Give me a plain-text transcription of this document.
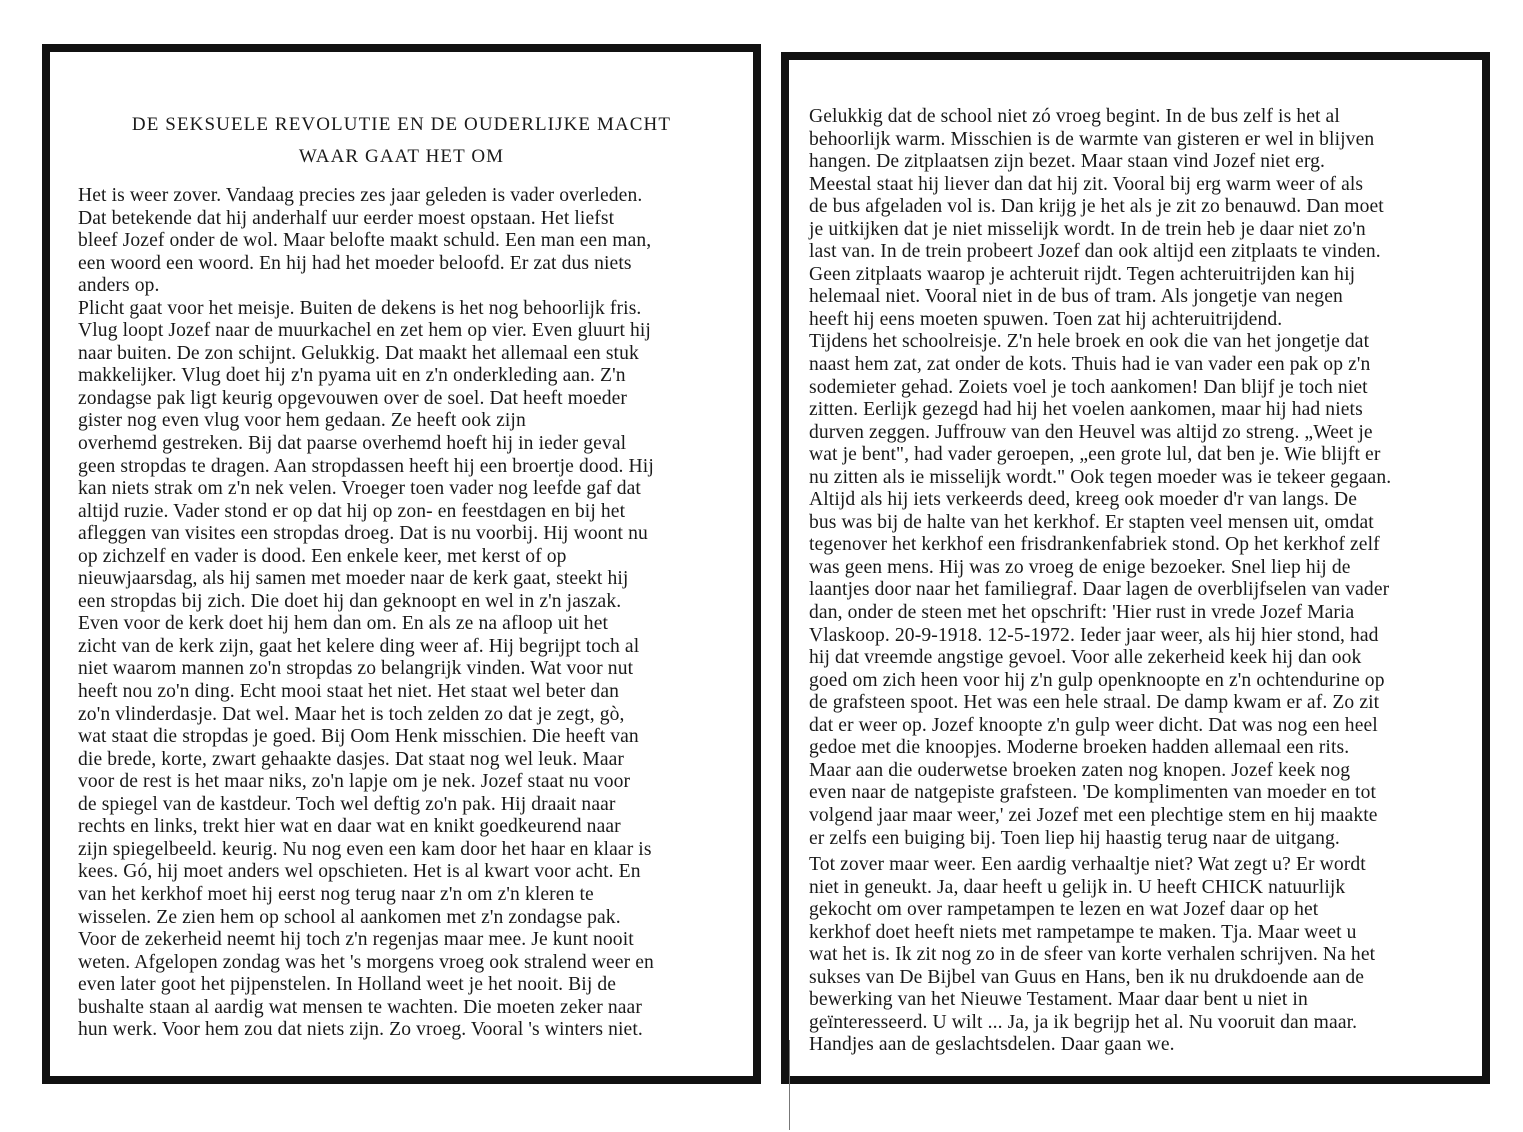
DE SEKSUELE REVOLUTIE EN DE OUDERLIJKE MACHT
WAAR GAAT HET OM
Het is weer zover. Vandaag precies zes jaar geleden is vader overleden.
Dat betekende dat hij anderhalf uur eerder moest opstaan. Het liefst
bleef Jozef onder de wol. Maar belofte maakt schuld. Een man een man,
een woord een woord. En hij had het moeder beloofd. Er zat dus niets
anders op.
Plicht gaat voor het meisje. Buiten de dekens is het nog behoorlijk fris.
Vlug loopt Jozef naar de muurkachel en zet hem op vier. Even gluurt hij
naar buiten. De zon schijnt. Gelukkig. Dat maakt het allemaal een stuk
makkelijker. Vlug doet hij z'n pyama uit en z'n onderkleding aan. Z'n
zondagse pak ligt keurig opgevouwen over de soel. Dat heeft moeder
gister nog even vlug voor hem gedaan. Ze heeft ook zijn
overhemd gestreken. Bij dat paarse overhemd hoeft hij in ieder geval
geen stropdas te dragen. Aan stropdassen heeft hij een broertje dood. Hij
kan niets strak om z'n nek velen. Vroeger toen vader nog leefde gaf dat
altijd ruzie. Vader stond er op dat hij op zon- en feestdagen en bij het
afleggen van visites een stropdas droeg. Dat is nu voorbij. Hij woont nu
op zichzelf en vader is dood. Een enkele keer, met kerst of op
nieuwjaarsdag, als hij samen met moeder naar de kerk gaat, steekt hij
een stropdas bij zich. Die doet hij dan geknoopt en wel in z'n jaszak.
Even voor de kerk doet hij hem dan om. En als ze na afloop uit het
zicht van de kerk zijn, gaat het kelere ding weer af. Hij begrijpt toch al
niet waarom mannen zo'n stropdas zo belangrijk vinden. Wat voor nut
heeft nou zo'n ding. Echt mooi staat het niet. Het staat wel beter dan
zo'n vlinderdasje. Dat wel. Maar het is toch zelden zo dat je zegt, gò,
wat staat die stropdas je goed. Bij Oom Henk misschien. Die heeft van
die brede, korte, zwart gehaakte dasjes. Dat staat nog wel leuk. Maar
voor de rest is het maar niks, zo'n lapje om je nek. Jozef staat nu voor
de spiegel van de kastdeur. Toch wel deftig zo'n pak. Hij draait naar
rechts en links, trekt hier wat en daar wat en knikt goedkeurend naar
zijn spiegelbeeld. keurig. Nu nog even een kam door het haar en klaar is
kees. Gó, hij moet anders wel opschieten. Het is al kwart voor acht. En
van het kerkhof moet hij eerst nog terug naar z'n om z'n kleren te
wisselen. Ze zien hem op school al aankomen met z'n zondagse pak.
Voor de zekerheid neemt hij toch z'n regenjas maar mee. Je kunt nooit
weten. Afgelopen zondag was het 's morgens vroeg ook stralend weer en
even later goot het pijpenstelen. In Holland weet je het nooit. Bij de
bushalte staan al aardig wat mensen te wachten. Die moeten zeker naar
hun werk. Voor hem zou dat niets zijn. Zo vroeg. Vooral 's winters niet.
Gelukkig dat de school niet zó vroeg begint. In de bus zelf is het al
behoorlijk warm. Misschien is de warmte van gisteren er wel in blijven
hangen. De zitplaatsen zijn bezet. Maar staan vind Jozef niet erg.
Meestal staat hij liever dan dat hij zit. Vooral bij erg warm weer of als
de bus afgeladen vol is. Dan krijg je het als je zit zo benauwd. Dan moet
je uitkijken dat je niet misselijk wordt. In de trein heb je daar niet zo'n
last van. In de trein probeert Jozef dan ook altijd een zitplaats te vinden.
Geen zitplaats waarop je achteruit rijdt. Tegen achteruitrijden kan hij
helemaal niet. Vooral niet in de bus of tram. Als jongetje van negen
heeft hij eens moeten spuwen. Toen zat hij achteruitrijdend.
Tijdens het schoolreisje. Z'n hele broek en ook die van het jongetje dat
naast hem zat, zat onder de kots. Thuis had ie van vader een pak op z'n
sodemieter gehad. Zoiets voel je toch aankomen! Dan blijf je toch niet
zitten. Eerlijk gezegd had hij het voelen aankomen, maar hij had niets
durven zeggen. Juffrouw van den Heuvel was altijd zo streng. „Weet je
wat je bent", had vader geroepen, „een grote lul, dat ben je. Wie blijft er
nu zitten als ie misselijk wordt." Ook tegen moeder was ie tekeer gegaan.
Altijd als hij iets verkeerds deed, kreeg ook moeder d'r van langs. De
bus was bij de halte van het kerkhof. Er stapten veel mensen uit, omdat
tegenover het kerkhof een frisdrankenfabriek stond. Op het kerkhof zelf
was geen mens. Hij was zo vroeg de enige bezoeker. Snel liep hij de
laantjes door naar het familiegraf. Daar lagen de overblijfselen van vader
dan, onder de steen met het opschrift: 'Hier rust in vrede Jozef Maria
Vlaskoop. 20-9-1918. 12-5-1972. Ieder jaar weer, als hij hier stond, had
hij dat vreemde angstige gevoel. Voor alle zekerheid keek hij dan ook
goed om zich heen voor hij z'n gulp openknoopte en z'n ochtendurine op
de grafsteen spoot. Het was een hele straal. De damp kwam er af. Zo zit
dat er weer op. Jozef knoopte z'n gulp weer dicht. Dat was nog een heel
gedoe met die knoopjes. Moderne broeken hadden allemaal een rits.
Maar aan die ouderwetse broeken zaten nog knopen. Jozef keek nog
even naar de natgepiste grafsteen. 'De komplimenten van moeder en tot
volgend jaar maar weer,' zei Jozef met een plechtige stem en hij maakte
er zelfs een buiging bij. Toen liep hij haastig terug naar de uitgang.
Tot zover maar weer. Een aardig verhaaltje niet? Wat zegt u? Er wordt
niet in geneukt. Ja, daar heeft u gelijk in. U heeft CHICK natuurlijk
gekocht om over rampetampen te lezen en wat Jozef daar op het
kerkhof doet heeft niets met rampetampe te maken. Tja. Maar weet u
wat het is. Ik zit nog zo in de sfeer van korte verhalen schrijven. Na het
sukses van De Bijbel van Guus en Hans, ben ik nu drukdoende aan de
bewerking van het Nieuwe Testament. Maar daar bent u niet in
geïnteresseerd. U wilt ... Ja, ja ik begrijp het al. Nu vooruit dan maar.
Handjes aan de geslachtsdelen. Daar gaan we.
